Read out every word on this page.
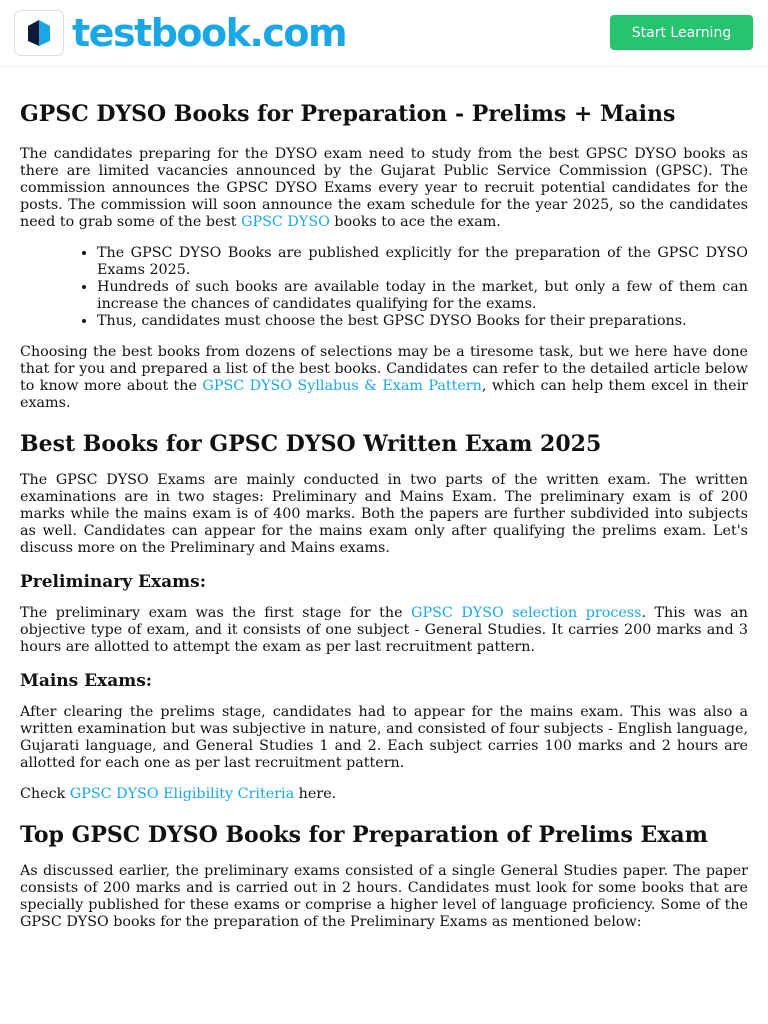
testbook.com	Start Learning
GPSC DYSO Books for Preparation - Prelims + Mains

The candidates preparing for the DYSO exam need to study from the best GPSC DYSO books as there are limited vacancies announced by the Gujarat Public Service Commission (GPSC). The commission announces the GPSC DYSO Exams every year to recruit potential candidates for the posts. The commission will soon announce the exam schedule for the year 2025, so the candidates need to grab some of the best GPSC DYSO books to ace the exam.

• The GPSC DYSO Books are published explicitly for the preparation of the GPSC DYSO Exams 2025.
• Hundreds of such books are available today in the market, but only a few of them can increase the chances of candidates qualifying for the exams.
• Thus, candidates must choose the best GPSC DYSO Books for their preparations.

Choosing the best books from dozens of selections may be a tiresome task, but we here have done that for you and prepared a list of the best books. Candidates can refer to the detailed article below to know more about the GPSC DYSO Syllabus & Exam Pattern, which can help them excel in their exams.

Best Books for GPSC DYSO Written Exam 2025

The GPSC DYSO Exams are mainly conducted in two parts of the written exam. The written examinations are in two stages: Preliminary and Mains Exam. The preliminary exam is of 200 marks while the mains exam is of 400 marks. Both the papers are further subdivided into subjects as well. Candidates can appear for the mains exam only after qualifying the prelims exam. Let's discuss more on the Preliminary and Mains exams.

Preliminary Exams:

The preliminary exam was the first stage for the GPSC DYSO selection process. This was an objective type of exam, and it consists of one subject - General Studies. It carries 200 marks and 3 hours are allotted to attempt the exam as per last recruitment pattern.

Mains Exams:

After clearing the prelims stage, candidates had to appear for the mains exam. This was also a written examination but was subjective in nature, and consisted of four subjects - English language, Gujarati language, and General Studies 1 and 2. Each subject carries 100 marks and 2 hours are allotted for each one as per last recruitment pattern.

Check GPSC DYSO Eligibility Criteria here.

Top GPSC DYSO Books for Preparation of Prelims Exam

As discussed earlier, the preliminary exams consisted of a single General Studies paper. The paper consists of 200 marks and is carried out in 2 hours. Candidates must look for some books that are specially published for these exams or comprise a higher level of language proficiency. Some of the GPSC DYSO books for the preparation of the Preliminary Exams as mentioned below:
